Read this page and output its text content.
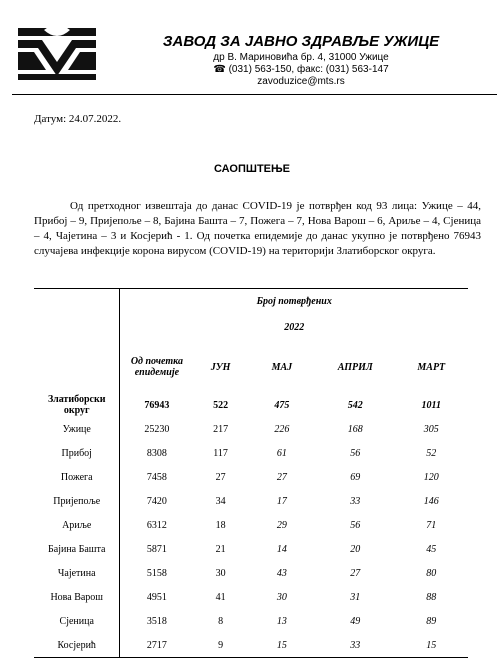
ЗАВОД ЗА ЈАВНО ЗДРАВЉЕ УЖИЦЕ
др В. Мариновића бр. 4, 31000 Ужице
☎ (031) 563-150, факс: (031) 563-147
zavoduzice@mts.rs
Датум: 24.07.2022.
САОПШТЕЊЕ

Од претходног извештаја до данас COVID-19 је потврђен код 93 лица: Ужице – 44, Прибој – 9, Пријепоље – 8, Бајина Башта – 7, Пожега – 7, Нова Варош – 6, Ариље – 4, Сјеница – 4, Чајетина – 3 и Косјерић - 1. Од почетка епидемије до данас укупно је потврђено 76943 случајева инфекције корона вирусом (COVID-19) на територији Златиборског округа.

	Број потврђених				
	2022				
	Од почетка епидемије	ЈУН	МАЈ	АПРИЛ	МАРТ
Златиборски округ	76943	522	475	542	1011
Ужице	25230	217	226	168	305
Прибој	8308	117	61	56	52
Пожега	7458	27	27	69	120
Пријепоље	7420	34	17	33	146
Ариље	6312	18	29	56	71
Бајина Башта	5871	21	14	20	45
Чајетина	5158	30	43	27	80
Нова Варош	4951	41	30	31	88
Сјеница	3518	8	13	49	89
Косјерић	2717	9	15	33	15
